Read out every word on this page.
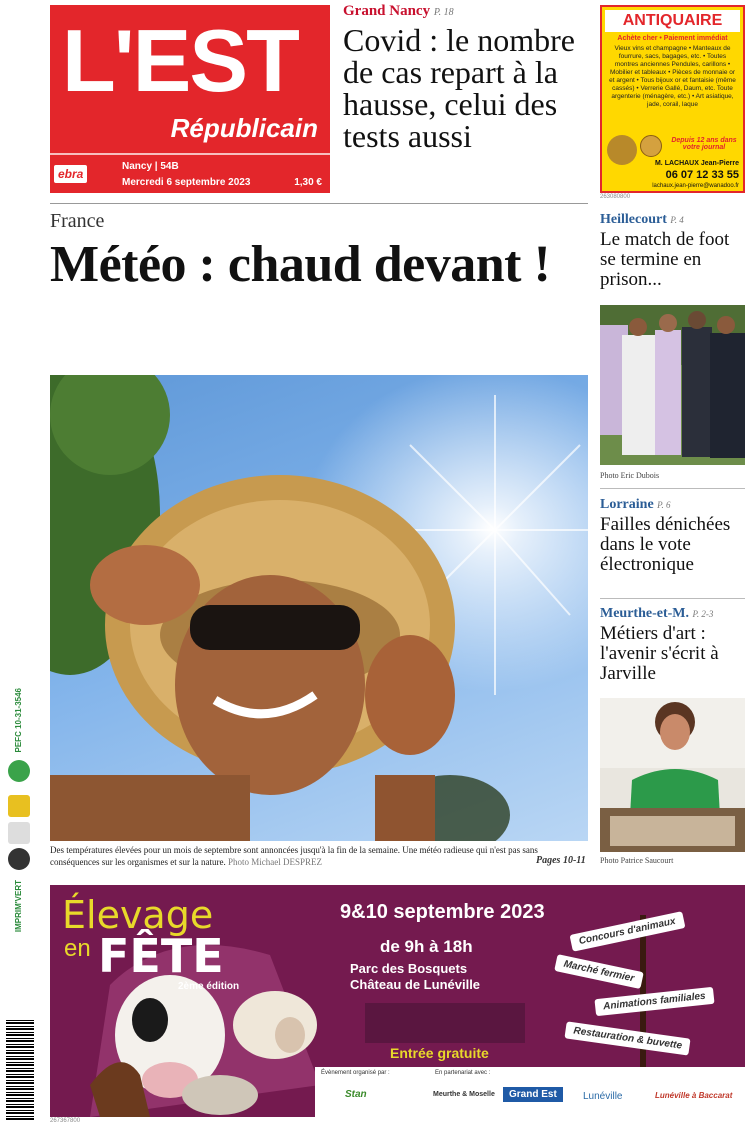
PEFC 10-31-3546
IMPRIM'VERT
L'EST
Républicain
ebra
Nancy | 54B
Mercredi 6 septembre 2023	1,30 €
Grand Nancy P. 18
Covid : le nombre de cas repart à la hausse, celui des tests aussi
ANTIQUAIRE
Achète cher • Paiement immédiat
Vieux vins et champagne • Manteaux de fourrure, sacs, bagages, etc. • Toutes montres anciennes Pendules, carillons • Mobilier et tableaux • Pièces de monnaie or et argent • Tous bijoux or et fantaisie (même cassés) • Verrerie Gallé, Daum, etc. Toute argenterie (ménagère, etc.) • Art asiatique, jade, corail, laque
Depuis 12 ans dans votre journal
M. LACHAUX Jean-Pierre
06 07 12 33 55
lachaux.jean-pierre@wanadoo.fr
263080800
France
Météo : chaud devant !
Des températures élevées pour un mois de septembre sont annoncées jusqu'à la fin de la semaine. Une météo radieuse qui n'est pas sans conséquences sur les organismes et sur la nature. Photo Michael DESPREZ	Pages 10-11
Heillecourt P. 4
Le match de foot se termine en prison...
Photo Eric Dubois
Lorraine P. 6
Failles dénichées dans le vote électronique
Meurthe-et-M. P. 2-3
Métiers d'art : l'avenir s'écrit à Jarville
Photo Patrice Saucourt
Élevage
en FÊTE
2ème édition
9&10 septembre 2023
de 9h à 18h
Parc des Bosquets
Château de Lunéville
Entrée gratuite
Concours d'animaux
Marché fermier
Animations familiales
Restauration & buvette
Évènement organisé par :	En partenariat avec :
Stan	Meurthe & Moselle	Grand Est	Lunéville	Lunéville à Baccarat
267367800
